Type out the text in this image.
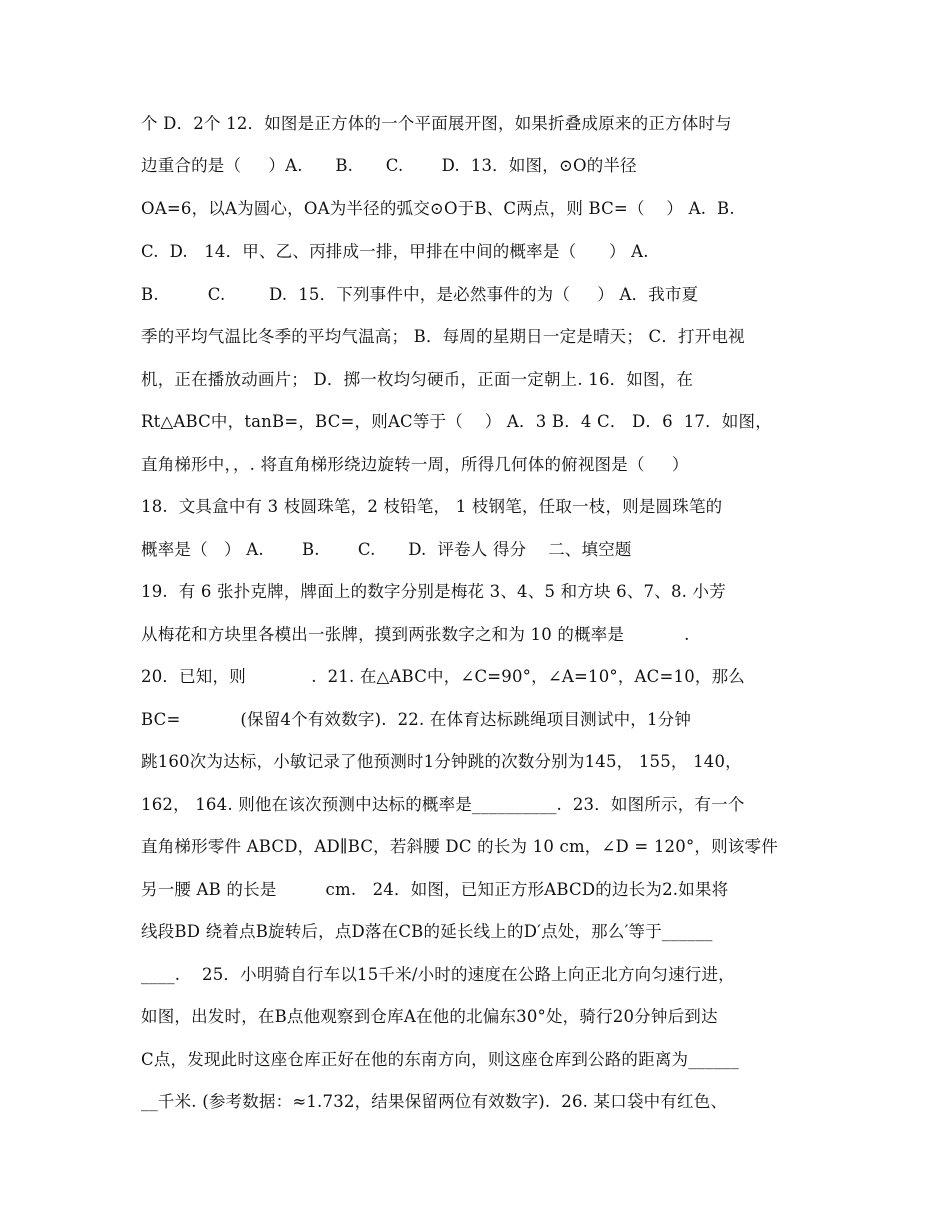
个 D．2个 12．如图是正方体的一个平面展开图，如果折叠成原来的正方体时与
边重合的是（     ）A.      B.      C.       D.  13．如图，⊙O的半径
OA=6，以A为圆心，OA为半径的弧交⊙O于B、C两点，则 BC=（    ） A.  B.
C.  D.   14．甲、乙、丙排成一排，甲排在中间的概率是（      ） A.
B.         C.        D.  15．下列事件中，是必然事件的为（     ） A．我市夏
季的平均气温比冬季的平均气温高； B．每周的星期日一定是晴天； C．打开电视
机，正在播放动画片； D．掷一枚均匀硬币，正面一定朝上. 16．如图，在
Rt△ABC中，tanB=，BC=，则AC等于（    ） A．3 B．4 C． D．6  17．如图，
直角梯形中，，. 将直角梯形绕边旋转一周，所得几何体的俯视图是（     ）
18.  文具盒中有 3 枝圆珠笔，2 枝铅笔， 1 枝钢笔，任取一枝，则是圆珠笔的
概率是（   ） A.       B.       C.      D.  评卷人 得分    二、填空题
19.  有 6 张扑克牌，牌面上的数字分别是梅花 3、4、5 和方块 6、7、8. 小芳
从梅花和方块里各模出一张牌，摸到两张数字之和为 10 的概率是           .
20．已知，则            .  21. 在△ABC中，∠C=90°，∠A=10°，AC=10，那么
BC=           (保留4个有效数字).  22. 在体育达标跳绳项目测试中，1分钟
跳160次为达标，小敏记录了他预测时1分钟跳的次数分别为145， 155， 140，
162， 164. 则他在该次预测中达标的概率是__________.  23．如图所示，有一个
直角梯形零件 ABCD，AD∥BC，若斜腰 DC 的长为 10 cm，∠D = 120°，则该零件
另一腰 AB 的长是         cm.   24．如图，已知正方形ABCD的边长为2.如果将
线段BD 绕着点B旋转后，点D落在CB的延长线上的D′点处，那么′等于______
____.    25．小明骑自行车以15千米/小时的速度在公路上向正北方向匀速行进，
如图，出发时，在B点他观察到仓库A在他的北偏东30°处，骑行20分钟后到达
C点，发现此时这座仓库正好在他的东南方向，则这座仓库到公路的距离为______
__千米. (参考数据：≈1.732，结果保留两位有效数字).  26. 某口袋中有红色、
